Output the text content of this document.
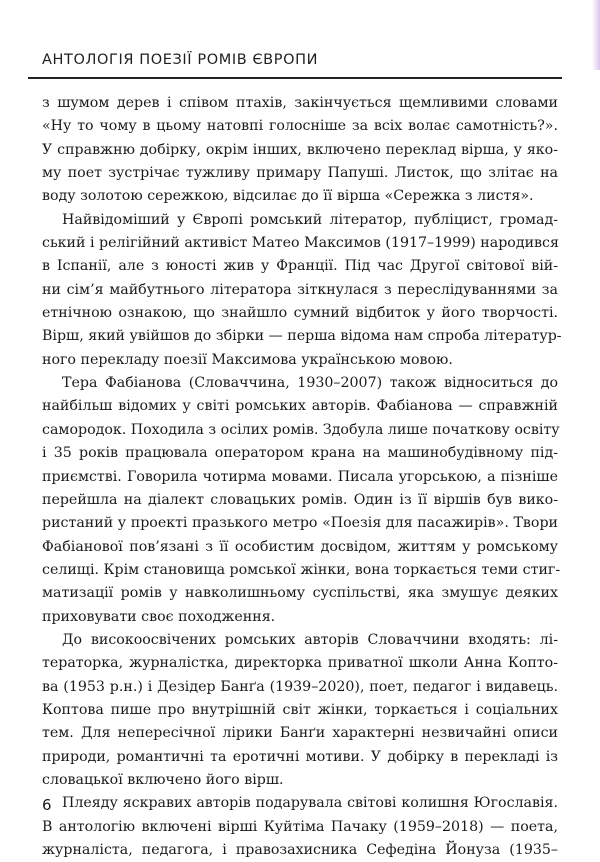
АНТОЛОГІЯ ПОЕЗІЇ РОМІВ ЄВРОПИ
з шумом дерев і співом птахів, закінчується щемливими словами
«Ну то чому в цьому натовпі голосніше за всіх волає самотність?».
У справжню добірку, окрім інших, включено переклад вірша, у яко-
му поет зустрічає тужливу примару Папуші. Листок, що злітає на
воду золотою сережкою, відсилає до її вірша «Сережка з листя».
Найвідоміший у Європі ромський літератор, публіцист, громад-
ський і релігійний активіст Матео Максимов (1917–1999) народився
в Іспанії, але з юності жив у Франції. Під час Другої світової вій-
ни сім’я майбутнього літератора зіткнулася з переслідуваннями за
етнічною ознакою, що знайшло сумний відбиток у його творчості.
Вірш, який увійшов до збірки — перша відома нам спроба літератур-
ного перекладу поезії Максимова українською мовою.
Тера Фабіанова (Словаччина, 1930–2007) також відноситься до
найбільш відомих у світі ромських авторів. Фабіанова — справжній
самородок. Походила з осілих ромів. Здобула лише початкову освіту
і 35 років працювала оператором крана на машинобудівному під-
приємстві. Говорила чотирма мовами. Писала угорською, а пізніше
перейшла на діалект словацьких ромів. Один із її віршів був вико-
ристаний у проекті празького метро «Поезія для пасажирів». Твори
Фабіанової пов’язані з її особистим досвідом, життям у ромському
селищі. Крім становища ромської жінки, вона торкається теми стиг-
матизації ромів у навколишньому суспільстві, яка змушує деяких
приховувати своє походження.
До високоосвічених ромських авторів Словаччини входять: лі-
тераторка, журналістка, директорка приватної школи Анна Копто-
ва (1953 р.н.) і Дезідер Банґа (1939–2020), поет, педагог і видавець.
Коптова пише про внутрішній світ жінки, торкається і соціальних
тем. Для непересічної лірики Банґи характерні незвичайні описи
природи, романтичні та еротичні мотиви. У добірку в перекладі із
словацької включено його вірш.
Плеяду яскравих авторів подарувала світові колишня Югославія.
В антологію включені вірші Куйтіма Пачаку (1959–2018) — поета,
журналіста, педагога, і правозахисника Сефедіна Йонуза (1935–
6
